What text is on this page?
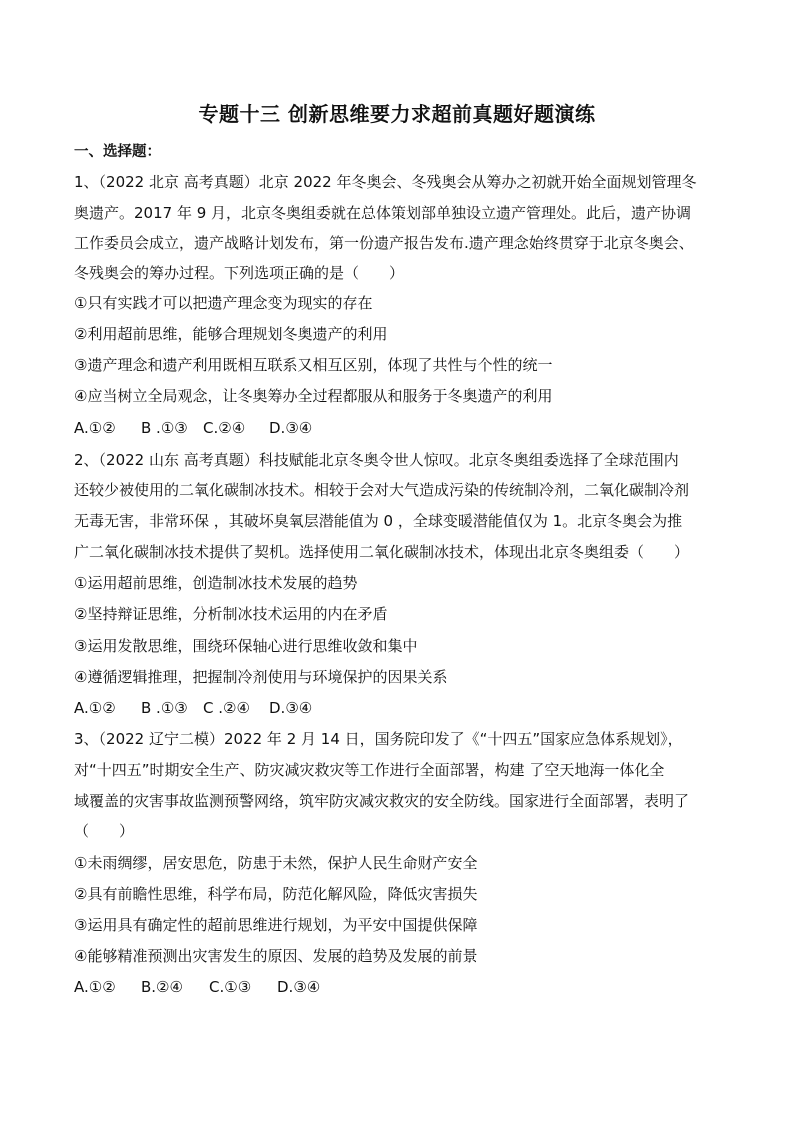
专题十三 创新思维要力求超前真题好题演练
一、选择题：
1、（2022 北京 高考真题）北京 2022 年冬奥会、冬残奥会从筹办之初就开始全面规划管理冬
奥遗产。2017 年 9 月，北京冬奥组委就在总体策划部单独设立遗产管理处。此后，遗产协调
工作委员会成立，遗产战略计划发布，第一份遗产报告发布.遗产理念始终贯穿于北京冬奥会、
冬残奥会的筹办过程。下列选项正确的是（　　）
①只有实践才可以把遗产理念变为现实的存在
②利用超前思维，能够合理规划冬奥遗产的利用
③遗产理念和遗产利用既相互联系又相互区别，体现了共性与个性的统一
④应当树立全局观念，让冬奥筹办全过程都服从和服务于冬奥遗产的利用
A.①② B .①③ C.②④ D.③④
2、（2022 山东 高考真题）科技赋能北京冬奥令世人惊叹。北京冬奥组委选择了全球范围内
还较少被使用的二氧化碳制冰技术。相较于会对大气造成污染的传统制冷剂，二氧化碳制冷剂
无毒无害，非常环保 ，其破坏臭氧层潜能值为 0 ，全球变暖潜能值仅为 1。北京冬奥会为推
广二氧化碳制冰技术提供了契机。选择使用二氧化碳制冰技术，体现出北京冬奥组委（　　）
①运用超前思维，创造制冰技术发展的趋势
②坚持辩证思维，分析制冰技术运用的内在矛盾
③运用发散思维，围绕环保轴心进行思维收敛和集中
④遵循逻辑推理，把握制冷剂使用与环境保护的因果关系
A.①② B .①③ C .②④ D.③④
3、（2022 辽宁二模）2022 年 2 月 14 日，国务院印发了《“十四五”国家应急体系规划》，
对“十四五”时期安全生产、防灾减灾救灾等工作进行全面部署，构建 了空天地海一体化全
域覆盖的灾害事故监测预警网络，筑牢防灾减灾救灾的安全防线。国家进行全面部署，表明了
（　　）
①未雨绸缪，居安思危，防患于未然，保护人民生命财产安全
②具有前瞻性思维，科学布局，防范化解风险，降低灾害损失
③运用具有确定性的超前思维进行规划，为平安中国提供保障
④能够精准预测出灾害发生的原因、发展的趋势及发展的前景
A.①② B.②④ C.①③ D.③④
